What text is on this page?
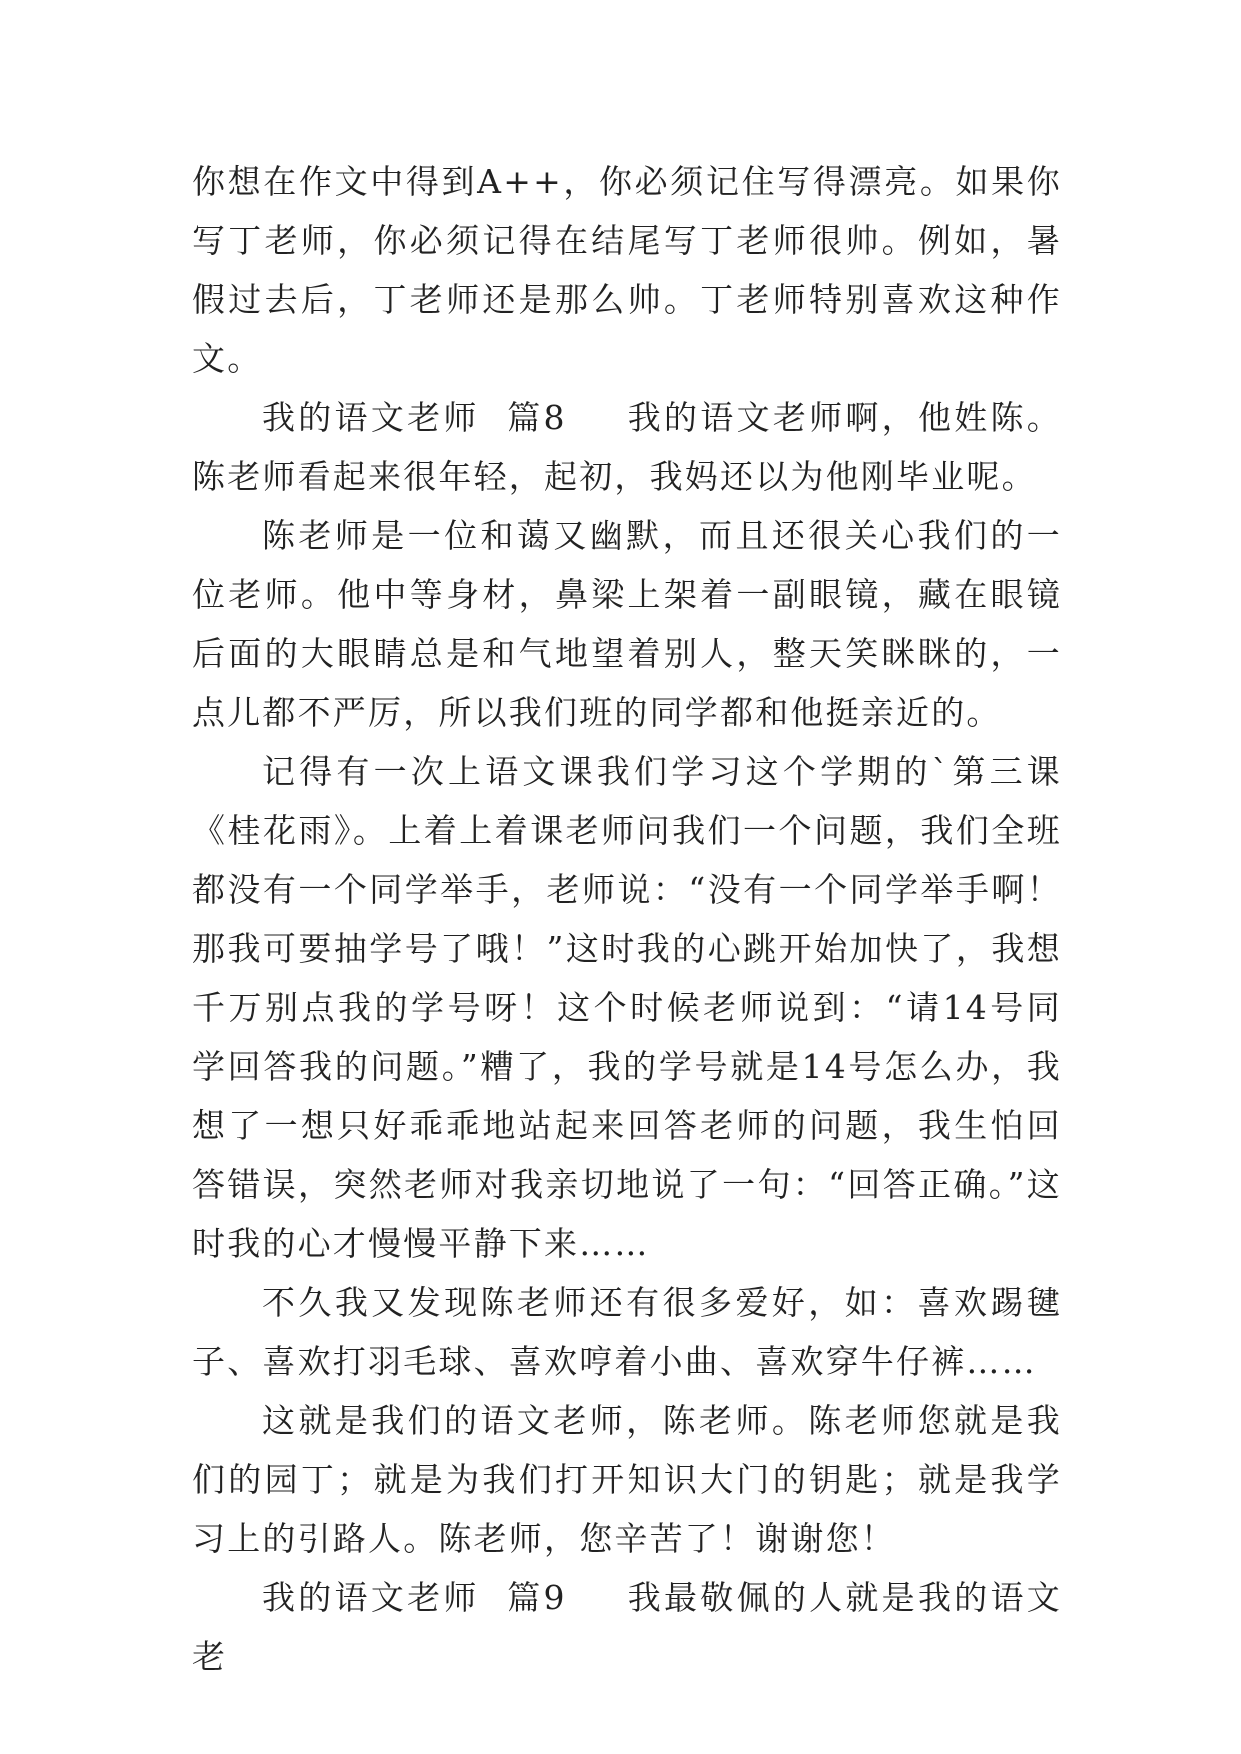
你想在作文中得到A++，你必须记住写得漂亮。如果你写丁老师，你必须记得在结尾写丁老师很帅。例如，暑假过去后，丁老师还是那么帅。丁老师特别喜欢这种作文。

我的语文老师  篇8 我的语文老师啊，他姓陈。陈老师看起来很年轻，起初，我妈还以为他刚毕业呢。

陈老师是一位和蔼又幽默，而且还很关心我们的一位老师。他中等身材，鼻梁上架着一副眼镜，藏在眼镜后面的大眼睛总是和气地望着别人，整天笑眯眯的，一点儿都不严厉，所以我们班的同学都和他挺亲近的。

记得有一次上语文课我们学习这个学期的`第三课《桂花雨》。上着上着课老师问我们一个问题，我们全班都没有一个同学举手，老师说：“没有一个同学举手啊！那我可要抽学号了哦！”这时我的心跳开始加快了，我想千万别点我的学号呀！这个时候老师说到：“请14号同学回答我的问题。”糟了，我的学号就是14号怎么办，我想了一想只好乖乖地站起来回答老师的问题，我生怕回答错误，突然老师对我亲切地说了一句：“回答正确。”这时我的心才慢慢平静下来……

不久我又发现陈老师还有很多爱好，如：喜欢踢毽子、喜欢打羽毛球、喜欢哼着小曲、喜欢穿牛仔裤……

这就是我们的语文老师，陈老师。陈老师您就是我们的园丁；就是为我们打开知识大门的钥匙；就是我学习上的引路人。陈老师，您辛苦了！谢谢您！

我的语文老师  篇9 我最敬佩的人就是我的语文老
